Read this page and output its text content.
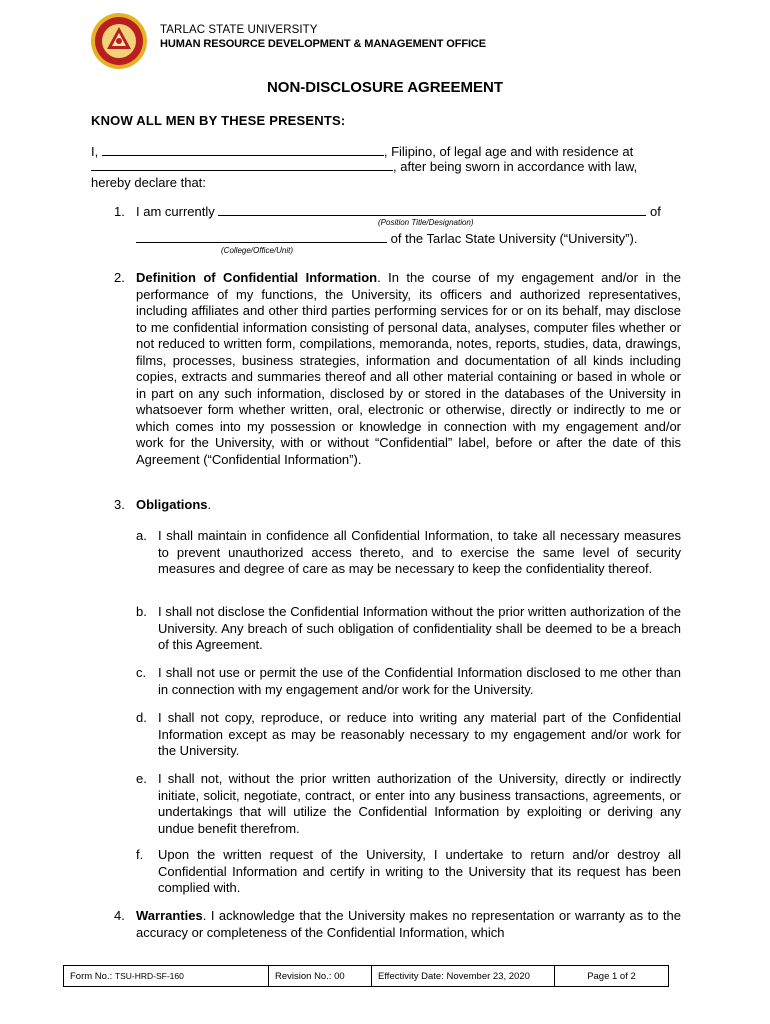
TARLAC STATE UNIVERSITY
HUMAN RESOURCE DEVELOPMENT & MANAGEMENT OFFICE
NON-DISCLOSURE AGREEMENT
KNOW ALL MEN BY THESE PRESENTS:
I,	, Filipino, of legal age and with residence at
, after being sworn in accordance with law,
hereby declare that:
1. I am currently	of
(Position Title/Designation)
of the Tarlac State University (“University”).
(College/Office/Unit)
2. Definition of Confidential Information. In the course of my engagement and/or in the performance of my functions, the University, its officers and authorized representatives, including affiliates and other third parties performing services for or on its behalf, may disclose to me confidential information consisting of personal data, analyses, computer files whether or not reduced to written form, compilations, memoranda, notes, reports, studies, data, drawings, films, processes, business strategies, information and documentation of all kinds including copies, extracts and summaries thereof and all other material containing or based in whole or in part on any such information, disclosed by or stored in the databases of the University in whatsoever form whether written, oral, electronic or otherwise, directly or indirectly to me or which comes into my possession or knowledge in connection with my engagement and/or work for the University, with or without “Confidential” label, before or after the date of this Agreement (“Confidential Information”).
3. Obligations.
a. I shall maintain in confidence all Confidential Information, to take all necessary measures to prevent unauthorized access thereto, and to exercise the same level of security measures and degree of care as may be necessary to keep the confidentiality thereof.
b. I shall not disclose the Confidential Information without the prior written authorization of the University. Any breach of such obligation of confidentiality shall be deemed to be a breach of this Agreement.
c. I shall not use or permit the use of the Confidential Information disclosed to me other than in connection with my engagement and/or work for the University.
d. I shall not copy, reproduce, or reduce into writing any material part of the Confidential Information except as may be reasonably necessary to my engagement and/or work for the University.
e. I shall not, without the prior written authorization of the University, directly or indirectly initiate, solicit, negotiate, contract, or enter into any business transactions, agreements, or undertakings that will utilize the Confidential Information by exploiting or deriving any undue benefit therefrom.
f. Upon the written request of the University, I undertake to return and/or destroy all Confidential Information and certify in writing to the University that its request has been complied with.
4. Warranties. I acknowledge that the University makes no representation or warranty as to the accuracy or completeness of the Confidential Information, which
Form No.:
TSU-HRD-SF-160	Revision No.:
00	Effectivity Date:
November 23, 2020	Page 1 of 2
